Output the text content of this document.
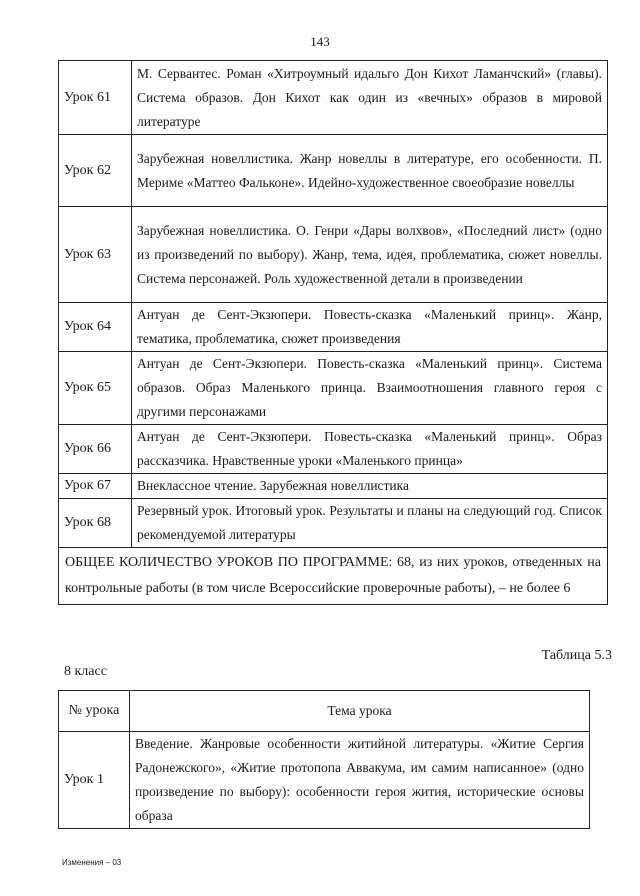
143
Урок 61	М. Сервантес. Роман «Хитроумный идальго Дон Кихот Ламанчский» (главы). Система образов. Дон Кихот как один из «вечных» образов в мировой литературе
Урок 62	Зарубежная новеллистика. Жанр новеллы в литературе, его особенности. П. Мериме «Маттео Фальконе». Идейно-художественное своеобразие новеллы
Урок 63	Зарубежная новеллистика. О. Генри «Дары волхвов», «Последний лист» (одно из произведений по выбору). Жанр, тема, идея, проблематика, сюжет новеллы. Система персонажей. Роль художественной детали в произведении
Урок 64	Антуан де Сент-Экзюпери. Повесть-сказка «Маленький принц». Жанр, тематика, проблематика, сюжет произведения
Урок 65	Антуан де Сент-Экзюпери. Повесть-сказка «Маленький принц». Система образов. Образ Маленького принца. Взаимоотношения главного героя с другими персонажами
Урок 66	Антуан де Сент-Экзюпери. Повесть-сказка «Маленький принц». Образ рассказчика. Нравственные уроки «Маленького принца»
Урок 67	Внеклассное чтение. Зарубежная новеллистика
Урок 68	Резервный урок. Итоговый урок. Результаты и планы на следующий год. Список рекомендуемой литературы
ОБЩЕЕ КОЛИЧЕСТВО УРОКОВ ПО ПРОГРАММЕ: 68, из них уроков, отведенных на контрольные работы (в том числе Всероссийские проверочные работы), – не более 6	
Таблица 5.3
8 класс
№ урока	Тема урока
Урок 1	Введение. Жанровые особенности житийной литературы. «Житие Сергия Радонежского», «Житие протопопа Аввакума, им самим написанное» (одно произведение по выбору): особенности героя жития, исторические основы образа
Изменения – 03
